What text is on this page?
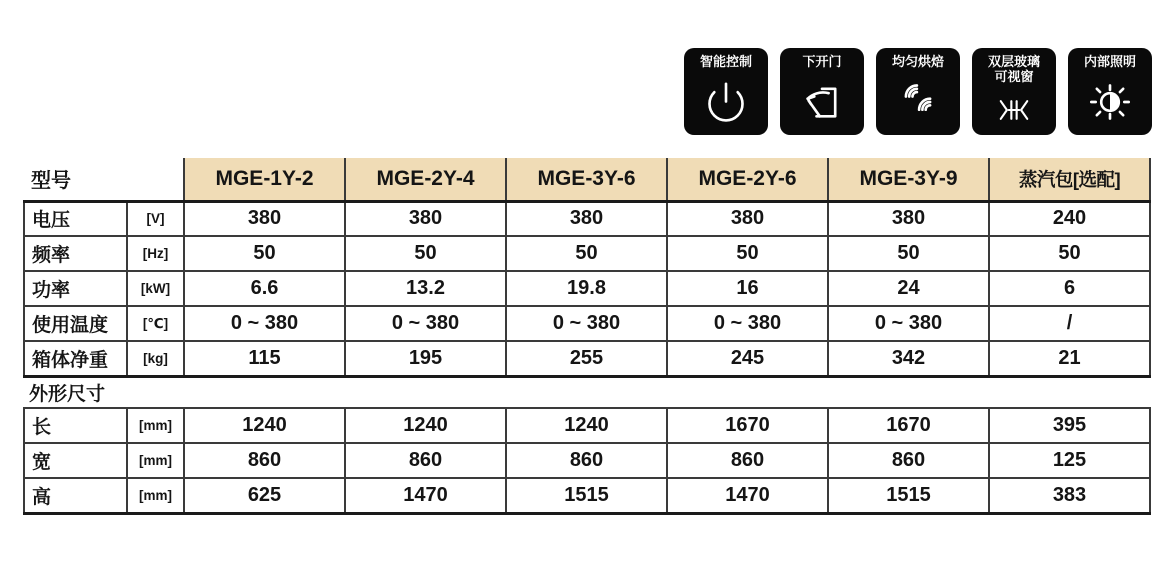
智能控制	下开门	均匀烘焙	双层玻璃可视窗
内部照明
型号		MGE-1Y-2	MGE-2Y-4	MGE-3Y-6	MGE-2Y-6	MGE-3Y-9	蒸汽包[选配]
电压	[V]	380	380	380	380	380	240
频率	[Hz]	50	50	50	50	50	50
功率	[kW]	6.6	13.2	19.8	16	24	6
使用温度	[℃]	0 ~ 380	0 ~ 380	0 ~ 380	0 ~ 380	0 ~ 380	/
箱体净重	[kg]	115	195	255	245	342	21
外形尺寸							
长	[mm]	1240	1240	1240	1670	1670	395
宽	[mm]	860	860	860	860	860	125
高	[mm]	625	1470	1515	1470	1515	383
